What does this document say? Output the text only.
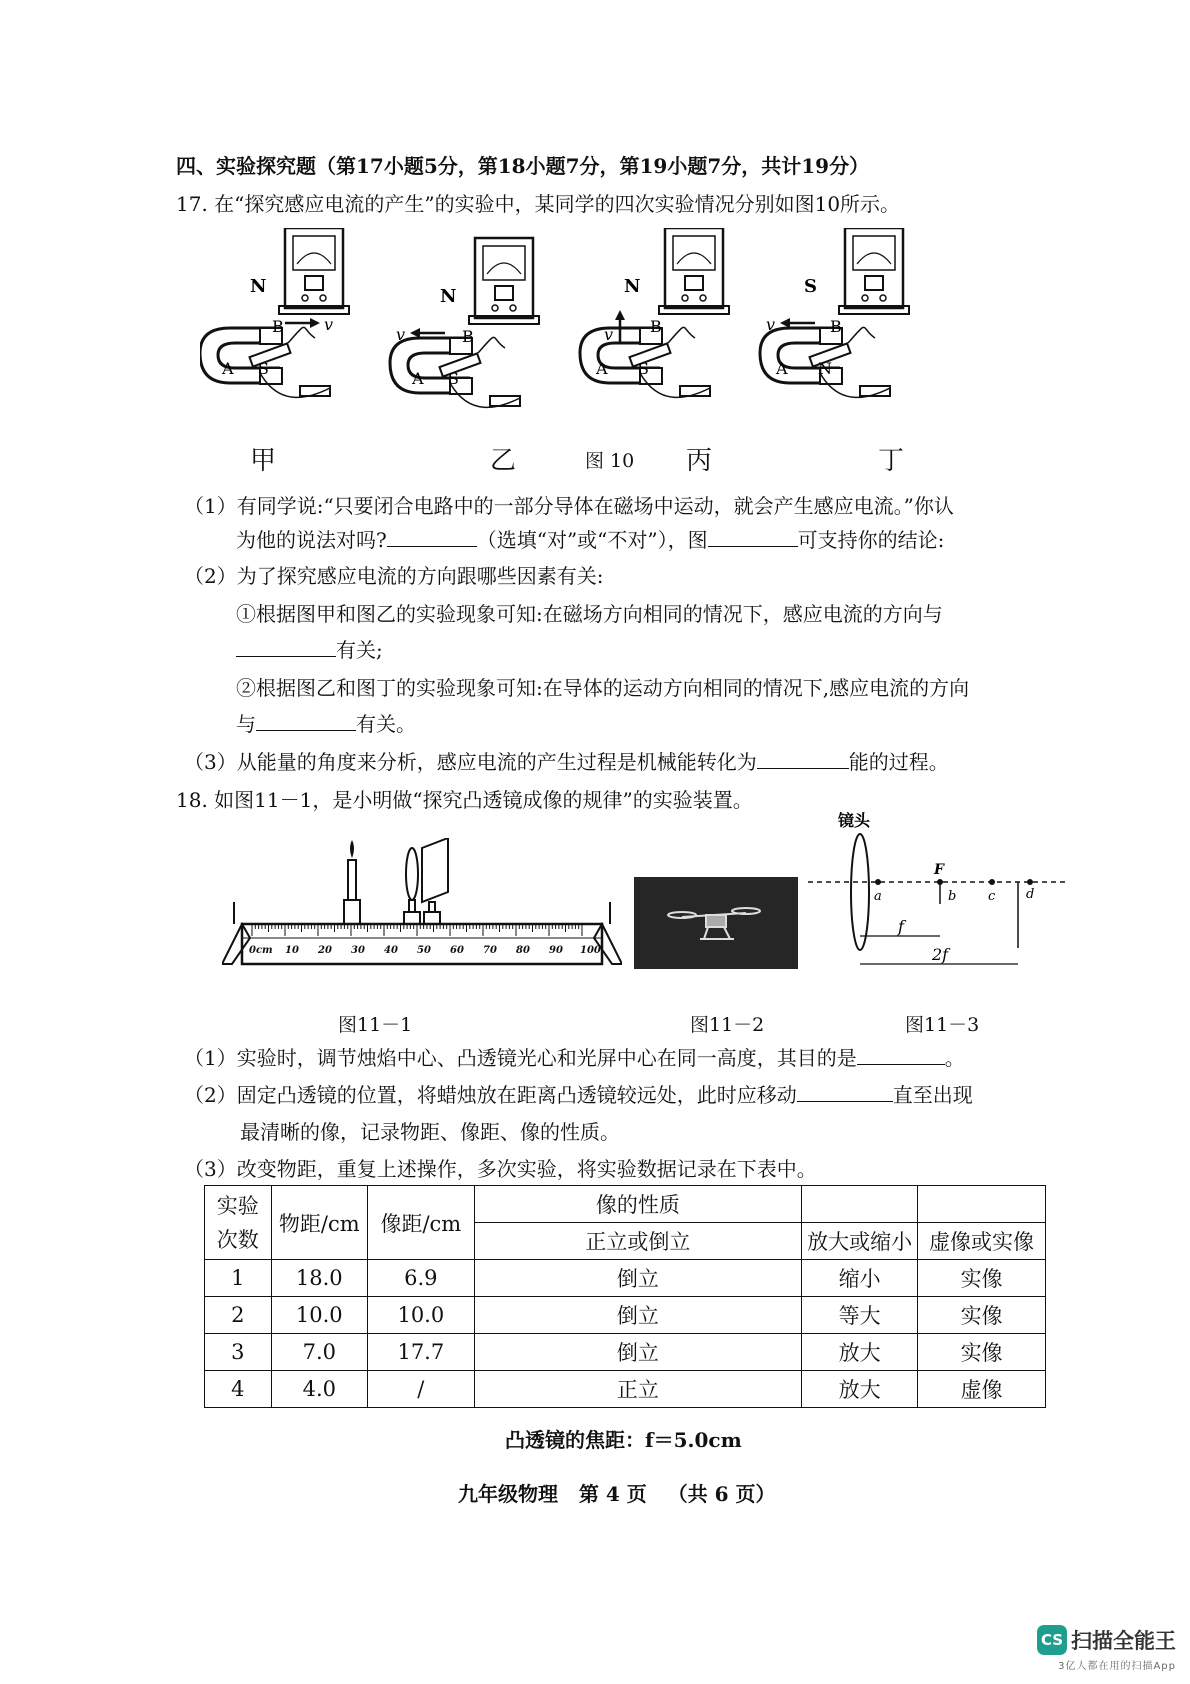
四、实验探究题（第17小题5分，第18小题7分，第19小题7分，共计19分）
17. 在“探究感应电流的产生”的实验中，某同学的四次实验情况分别如图10所示。
N
S
A
B	v
N
S
A
B
v
N
S
A
B
v
S
N
A
B
v
甲	乙	图 10 丙	丁
（1）有同学说:“只要闭合电路中的一部分导体在磁场中运动，就会产生感应电流。”你认
为他的说法对吗?	（选填“对”或“不对”），图	可支持你的结论:
（2）为了探究感应电流的方向跟哪些因素有关:
①根据图甲和图乙的实验现象可知:在磁场方向相同的情况下，感应电流的方向与
有关;
②根据图乙和图丁的实验现象可知:在导体的运动方向相同的情况下,感应电流的方向
与	有关。
（3）从能量的角度来分析，感应电流的产生过程是机械能转化为	能的过程。
18. 如图11－1，是小明做“探究凸透镜成像的规律”的实验装置。
0cm 10 20 30 40 50 60 70 80 90 100
镜头
F
a	b c d
f
2f
图11－1	图11－2	图11－3
（1）实验时，调节烛焰中心、凸透镜光心和光屏中心在同一高度，其目的是	。
（2）固定凸透镜的位置，将蜡烛放在距离凸透镜较远处，此时应移动	直至出现
最清晰的像，记录物距、像距、像的性质。
（3）改变物距，重复上述操作，多次实验，将实验数据记录在下表中。
实验
次数	物距/cm	像距/cm	像的性质		
			正立或倒立	放大或缩小	虚像或实像
1	18.0	6.9	倒立	缩小	实像
2	10.0	10.0	倒立	等大	实像
3	7.0	17.7	倒立	放大	实像
4	4.0	/	正立	放大	虚像
凸透镜的焦距：f＝5.0cm
九年级物理   第 4 页   （共 6 页）
CS 扫描全能王
3亿人都在用的扫描App
